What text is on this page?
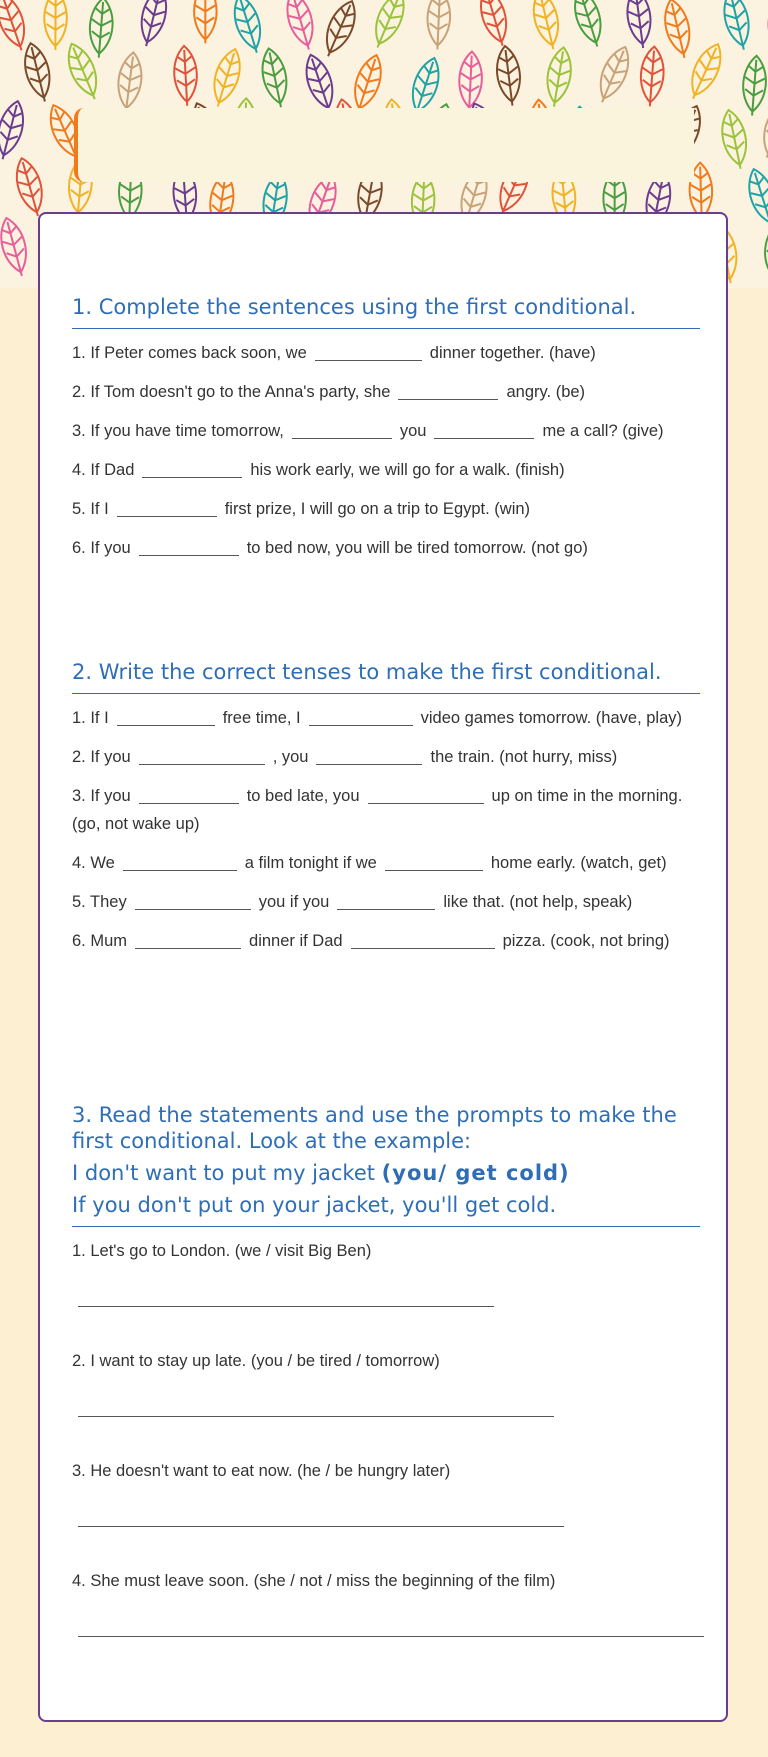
1. Complete the sentences using the first conditional.
1. If Peter comes back soon, we	dinner together. (have)
2. If Tom doesn't go to the Anna's party, she	angry. (be)
3. If you have time tomorrow,	you	me a call? (give)
4. If Dad	his work early, we will go for a walk. (finish)
5. If I	first prize, I will go on a trip to Egypt. (win)
6. If you	to bed now, you will be tired tomorrow. (not go)
2. Write the correct tenses to make the first conditional.
1. If I	free time, I	video games tomorrow. (have, play)
2. If you	, you	the train. (not hurry, miss)
3. If you	to bed late, you	up on time in the morning. (go, not wake up)
4. We	a film tonight if we	home early. (watch, get)
5. They	you if you	like that. (not help, speak)
6. Mum	dinner if Dad	pizza. (cook, not bring)
3. Read the statements and use the prompts to make the
first conditional. Look at the example:
I don't want to put my jacket (you/ get cold)
If you don't put on your jacket, you'll get cold.
1. Let's go to London. (we / visit Big Ben)
2. I want to stay up late. (you / be tired / tomorrow)
3. He doesn't want to eat now. (he / be hungry later)
4. She must leave soon. (she / not / miss the beginning of the film)
